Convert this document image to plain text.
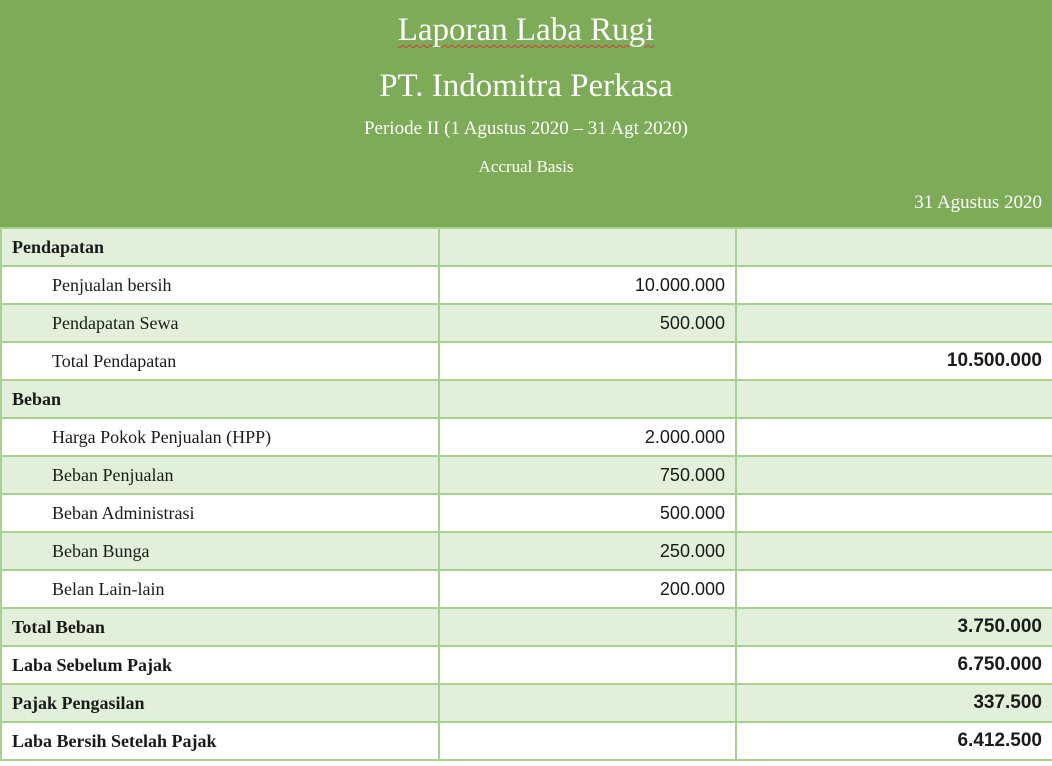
Laporan Laba Rugi
PT. Indomitra Perkasa
Periode II (1 Agustus 2020 – 31 Agt 2020)
Accrual Basis
31 Agustus 2020
Pendapatan		
Penjualan bersih	10.000.000	
Pendapatan Sewa	500.000	
Total Pendapatan		10.500.000
Beban		
Harga Pokok Penjualan (HPP)	2.000.000	
Beban Penjualan	750.000	
Beban Administrasi	500.000	
Beban Bunga	250.000	
Belan Lain-lain	200.000	
Total Beban		3.750.000
Laba Sebelum Pajak		6.750.000
Pajak Pengasilan		337.500
Laba Bersih Setelah Pajak		6.412.500
